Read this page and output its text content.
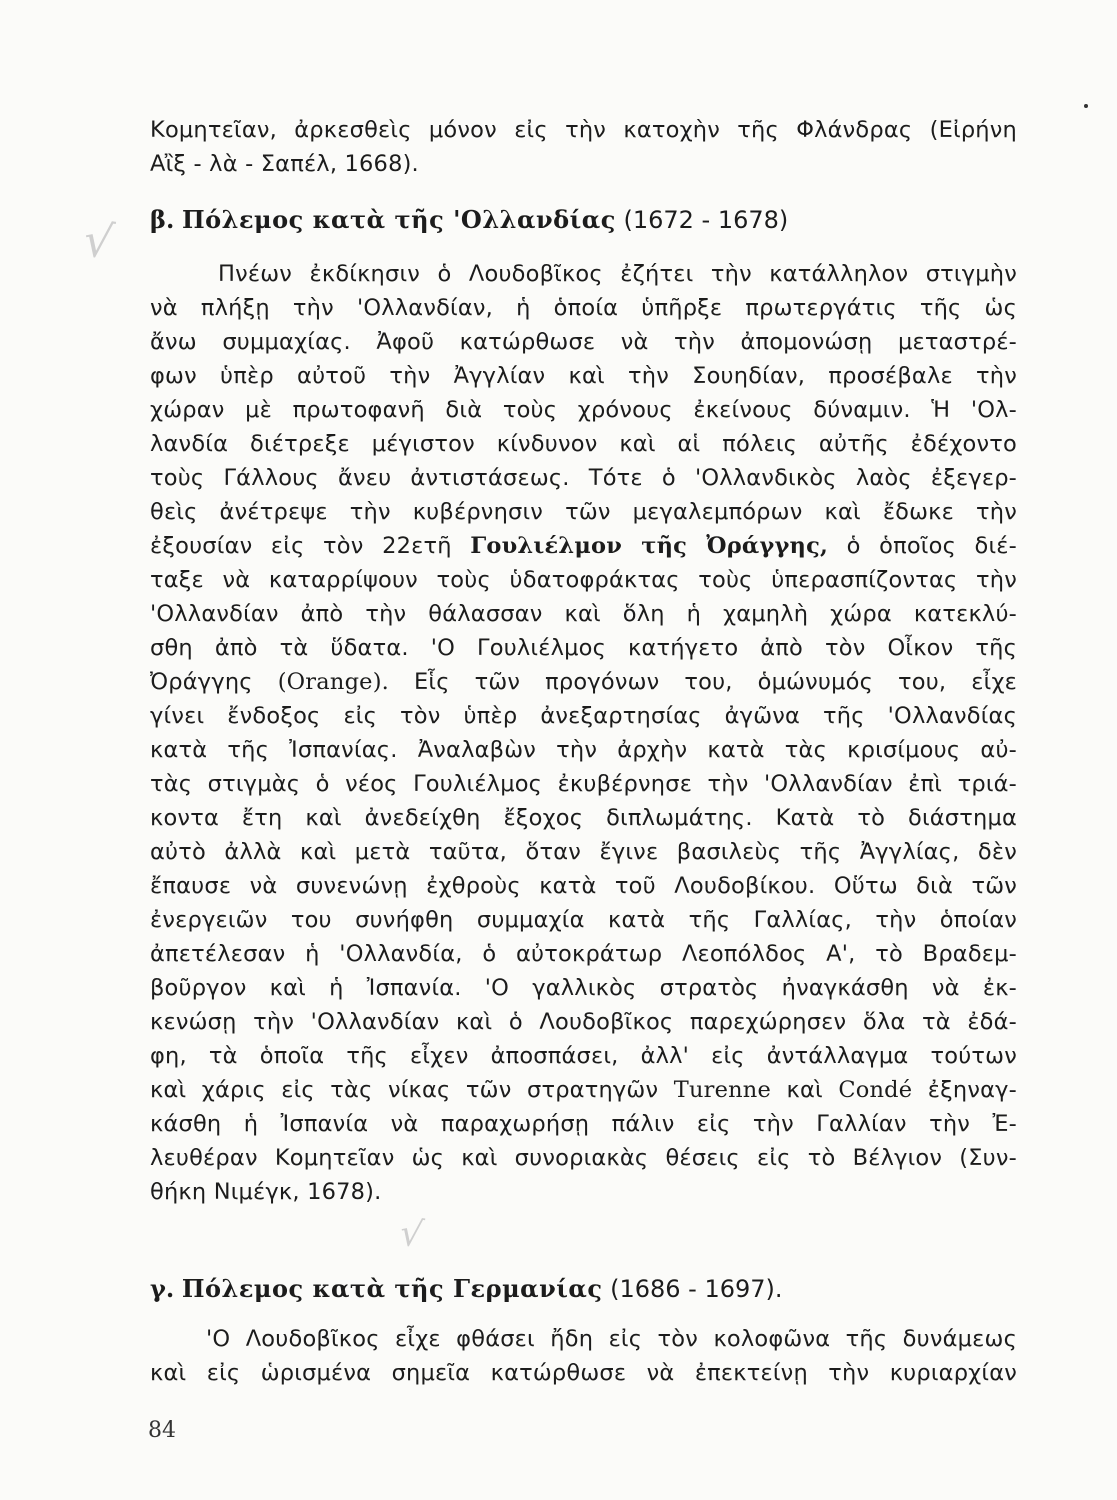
√
√
Κομητεῖαν, ἀρκεσθεὶς μόνον εἰς τὴν κατοχὴν τῆς Φλάνδρας (Εἰρήνη
Αἲξ - λὰ - Σαπέλ, 1668).
β. Πόλεμος κατὰ τῆς 'Ολλανδίας (1672 - 1678)
Πνέων ἐκδίκησιν ὁ Λουδοβῖκος ἐζήτει τὴν κατάλληλον στιγμὴν
νὰ πλήξῃ τὴν 'Ολλανδίαν, ἡ ὁποία ὑπῆρξε πρωτεργάτις τῆς ὡς
ἄνω συμμαχίας. Ἀφοῦ κατώρθωσε νὰ τὴν ἀπομονώσῃ μεταστρέ-
φων ὑπὲρ αὐτοῦ τὴν Ἀγγλίαν καὶ τὴν Σουηδίαν, προσέβαλε τὴν
χώραν μὲ πρωτοφανῆ διὰ τοὺς χρόνους ἐκείνους δύναμιν. Ἡ 'Ολ-
λανδία διέτρεξε μέγιστον κίνδυνον καὶ αἱ πόλεις αὐτῆς ἐδέχοντο
τοὺς Γάλλους ἄνευ ἀντιστάσεως. Τότε ὁ 'Ολλανδικὸς λαὸς ἐξεγερ-
θεὶς ἀνέτρεψε τὴν κυβέρνησιν τῶν μεγαλεμπόρων καὶ ἔδωκε τὴν
ἐξουσίαν εἰς τὸν 22ετῆ Γουλιέλμον τῆς Ὀράγγης, ὁ ὁποῖος διέ-
ταξε νὰ καταρρίψουν τοὺς ὑδατοφράκτας τοὺς ὑπερασπίζοντας τὴν
'Ολλανδίαν ἀπὸ τὴν θάλασσαν καὶ ὅλη ἡ χαμηλὴ χώρα κατεκλύ-
σθη ἀπὸ τὰ ὕδατα. 'Ο Γουλιέλμος κατήγετο ἀπὸ τὸν Οἶκον τῆς
Ὀράγγης (Orange). Εἷς τῶν προγόνων του, ὁμώνυμός του, εἶχε
γίνει ἔνδοξος εἰς τὸν ὑπὲρ ἀνεξαρτησίας ἀγῶνα τῆς 'Ολλανδίας
κατὰ τῆς Ἰσπανίας. Ἀναλαβὼν τὴν ἀρχὴν κατὰ τὰς κρισίμους αὐ-
τὰς στιγμὰς ὁ νέος Γουλιέλμος ἐκυβέρνησε τὴν 'Ολλανδίαν ἐπὶ τριά-
κοντα ἔτη καὶ ἀνεδείχθη ἔξοχος διπλωμάτης. Κατὰ τὸ διάστημα
αὐτὸ ἀλλὰ καὶ μετὰ ταῦτα, ὅταν ἔγινε βασιλεὺς τῆς Ἀγγλίας, δὲν
ἔπαυσε νὰ συνενώνῃ ἐχθροὺς κατὰ τοῦ Λουδοβίκου. Οὕτω διὰ τῶν
ἐνεργειῶν του συνήφθη συμμαχία κατὰ τῆς Γαλλίας, τὴν ὁποίαν
ἀπετέλεσαν ἡ 'Ολλανδία, ὁ αὐτοκράτωρ Λεοπόλδος Α', τὸ Βραδεμ-
βοῦργον καὶ ἡ Ἰσπανία. 'Ο γαλλικὸς στρατὸς ἠναγκάσθη νὰ ἐκ-
κενώσῃ τὴν 'Ολλανδίαν καὶ ὁ Λουδοβῖκος παρεχώρησεν ὅλα τὰ ἐδά-
φη, τὰ ὁποῖα τῆς εἶχεν ἀποσπάσει, ἀλλ' εἰς ἀντάλλαγμα τούτων
καὶ χάρις εἰς τὰς νίκας τῶν στρατηγῶν Turenne καὶ Condé ἐξηναγ-
κάσθη ἡ Ἰσπανία νὰ παραχωρήσῃ πάλιν εἰς τὴν Γαλλίαν τὴν Ἐ-
λευθέραν Κομητεῖαν ὡς καὶ συνοριακὰς θέσεις εἰς τὸ Βέλγιον (Συν-
θήκη Νιμέγκ, 1678).
γ. Πόλεμος κατὰ τῆς Γερμανίας (1686 - 1697).
'Ο Λουδοβῖκος εἶχε φθάσει ἤδη εἰς τὸν κολοφῶνα τῆς δυνάμεως
καὶ εἰς ὡρισμένα σημεῖα κατώρθωσε νὰ ἐπεκτείνῃ τὴν κυριαρχίαν
84
